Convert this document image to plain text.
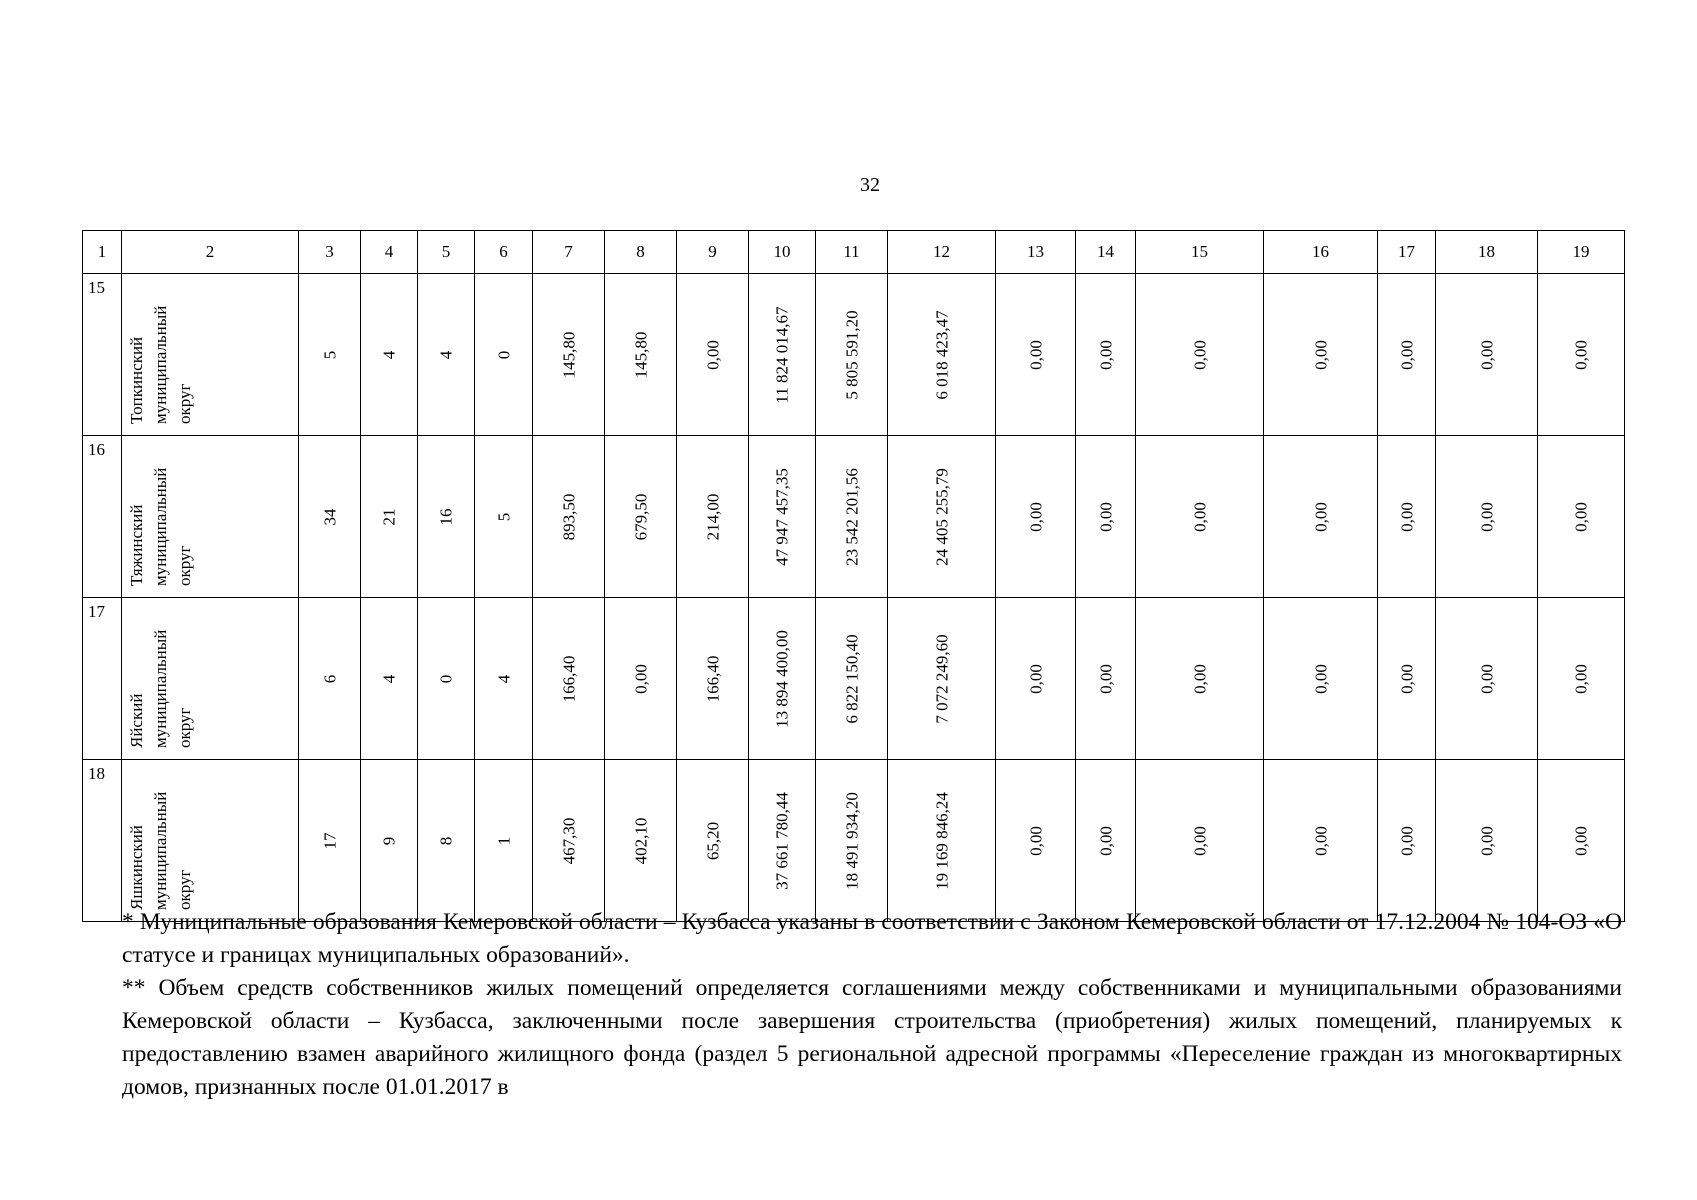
32
1	2	3	4	5	6	7	8	9	10	11	12	13	14	15	16	17	18	19
15	Топкинский муниципальный округ	5	4	4	0	145,80	145,80	0,00	11 824 014,67	5 805 591,20	6 018 423,47	0,00	0,00	0,00	0,00	0,00	0,00	0,00

16	Тяжинский муниципальный округ	34	21	16	5	893,50	679,50	214,00	47 947 457,35	23 542 201,56	24 405 255,79	0,00	0,00	0,00	0,00	0,00	0,00	0,00

17	Яйский муниципальный округ	6	4	0	4	166,40	0,00	166,40	13 894 400,00	6 822 150,40	7 072 249,60	0,00	0,00	0,00	0,00	0,00	0,00	0,00

18	Яшкинский муниципальный округ	17	9	8	1	467,30	402,10	65,20	37 661 780,44	18 491 934,20	19 169 846,24	0,00	0,00	0,00	0,00	0,00	0,00	0,00

* Муниципальные образования Кемеровской области – Кузбасса указаны в соответствии с Законом Кемеровской области от 17.12.2004 № 104-ОЗ «О статусе и границах муниципальных образований».

** Объем средств собственников жилых помещений определяется соглашениями между собственниками и муниципальными образованиями Кемеровской области – Кузбасса, заключенными после завершения строительства (приобретения) жилых помещений, планируемых к предоставлению взамен аварийного жилищного фонда (раздел 5 региональной адресной программы «Переселение граждан из многоквартирных домов, признанных после 01.01.2017 в
